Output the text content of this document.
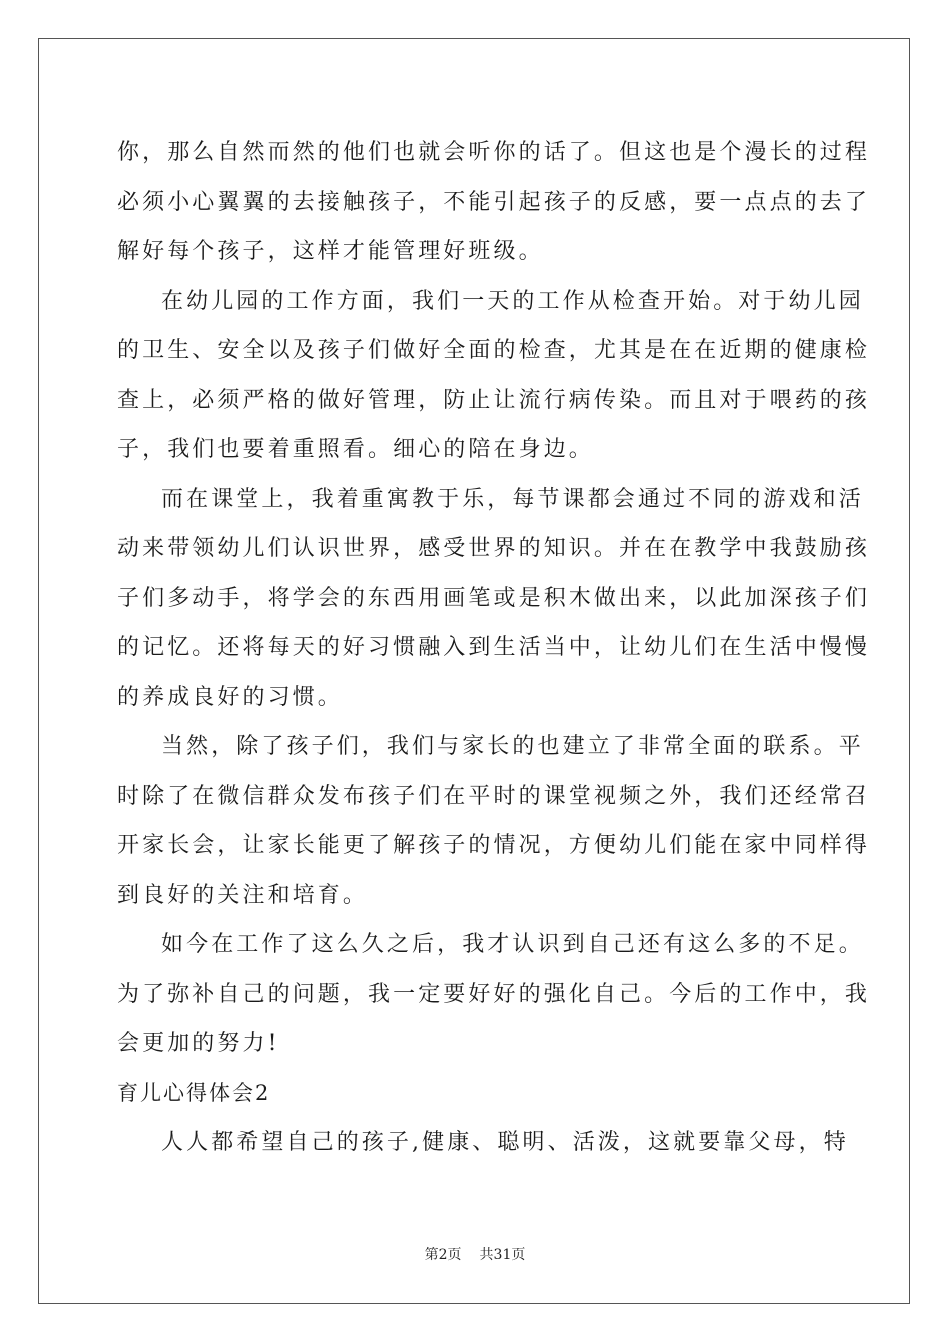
你，那么自然而然的他们也就会听你的话了。但这也是个漫长的过程
必须小心翼翼的去接触孩子，不能引起孩子的反感，要一点点的去了
解好每个孩子，这样才能管理好班级。
在幼儿园的工作方面，我们一天的工作从检查开始。对于幼儿园
的卫生、安全以及孩子们做好全面的检查，尤其是在在近期的健康检
查上，必须严格的做好管理，防止让流行病传染。而且对于喂药的孩
子，我们也要着重照看。细心的陪在身边。
而在课堂上，我着重寓教于乐，每节课都会通过不同的游戏和活
动来带领幼儿们认识世界，感受世界的知识。并在在教学中我鼓励孩
子们多动手，将学会的东西用画笔或是积木做出来，以此加深孩子们
的记忆。还将每天的好习惯融入到生活当中，让幼儿们在生活中慢慢
的养成良好的习惯。
当然，除了孩子们，我们与家长的也建立了非常全面的联系。平
时除了在微信群众发布孩子们在平时的课堂视频之外，我们还经常召
开家长会，让家长能更了解孩子的情况，方便幼儿们能在家中同样得
到良好的关注和培育。
如今在工作了这么久之后，我才认识到自己还有这么多的不足。
为了弥补自己的问题，我一定要好好的强化自己。今后的工作中，我
会更加的努力!
育儿心得体会2
人人都希望自己的孩子,健康、聪明、活泼，这就要靠父母，特
第2页 共31页
